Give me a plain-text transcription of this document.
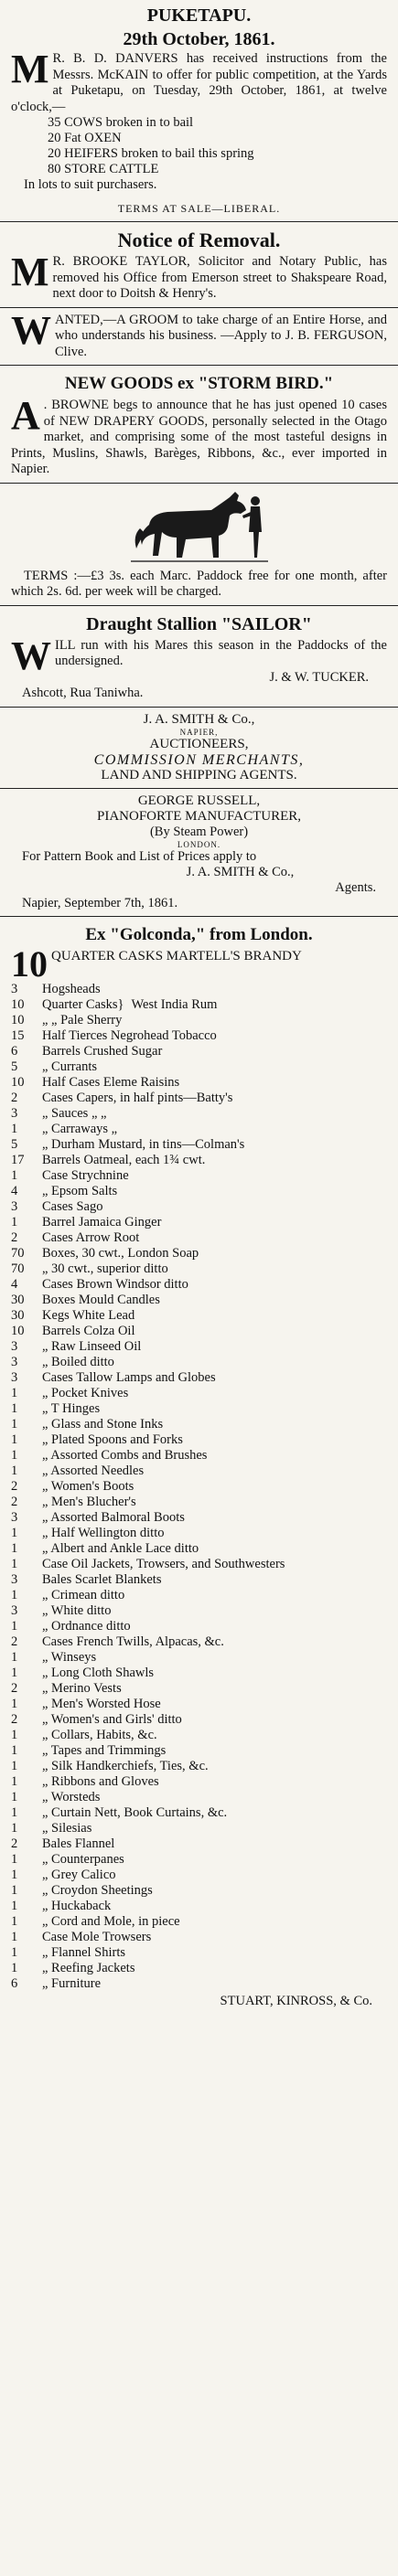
PUKETAPU.
29th October, 1861.
M R. B. D. DANVERS has received instructions from the Messrs. McKAIN to offer for public competition, at the Yards at Puketapu, on Tuesday, 29th October, 1861, at twelve o'clock,—
35 COWS broken in to bail
20 Fat OXEN
20 HEIFERS broken to bail this spring
80 STORE CATTLE
In lots to suit purchasers.
TERMS AT SALE—LIBERAL.
Notice of Removal.
M R. BROOKE TAYLOR, Solicitor and Notary Public, has removed his Office from Emerson street to Shakspeare Road, next door to Doitsh & Henry's.
W ANTED,—A GROOM to take charge of an Entire Horse, and who understands his business. —Apply to J. B. FERGUSON, Clive.
NEW GOODS ex "STORM BIRD."
A . BROWNE begs to announce that he has just opened 10 cases of NEW DRAPERY GOODS, personally selected in the Otago market, and comprising some of the most tasteful designs in Prints, Muslins, Shawls, Barèges, Ribbons, &c., ever imported in Napier.
TERMS :—£3 3s. each Marc. Paddock free for one month, after which 2s. 6d. per week will be charged.
Draught Stallion "SAILOR"
W ILL run with his Mares this season in the Paddocks of the undersigned.
J. & W. TUCKER.
Ashcott, Rua Taniwha.
J. A. SMITH & Co.,
NAPIER,
AUCTIONEERS,
COMMISSION MERCHANTS,
LAND AND SHIPPING AGENTS.
GEORGE RUSSELL,
PIANOFORTE MANUFACTURER,
(By Steam Power)
LONDON.
For Pattern Book and List of Prices apply to
J. A. SMITH & Co.,
Agents.
Napier, September 7th, 1861.
Ex "Golconda," from London.
10 QUARTER CASKS MARTELL'S BRANDY
3	Hogsheads
10	Quarter Casks } West India Rum
10	„ „ Pale Sherry
15	Half Tierces Negrohead Tobacco
6	Barrels Crushed Sugar
5	„ Currants
10	Half Cases Eleme Raisins
2	Cases Capers, in half pints—Batty's
3	„ Sauces „ „
1	„ Carraways „
5	„ Durham Mustard, in tins—Colman's
17	Barrels Oatmeal, each 1¾ cwt.
1	Case Strychnine
4	„ Epsom Salts
3	Cases Sago
1	Barrel Jamaica Ginger
2	Cases Arrow Root
70	Boxes, 30 cwt., London Soap
70	„ 30 cwt., superior ditto
4	Cases Brown Windsor ditto
30	Boxes Mould Candles
30	Kegs White Lead
10	Barrels Colza Oil
3	„ Raw Linseed Oil
3	„ Boiled ditto
3	Cases Tallow Lamps and Globes
1	„ Pocket Knives
1	„ T Hinges
1	„ Glass and Stone Inks
1	„ Plated Spoons and Forks
1	„ Assorted Combs and Brushes
1	„ Assorted Needles
2	„ Women's Boots
2	„ Men's Blucher's
3	„ Assorted Balmoral Boots
1	„ Half Wellington ditto
1	„ Albert and Ankle Lace ditto
1	Case Oil Jackets, Trowsers, and Southwesters
3	Bales Scarlet Blankets
1	„ Crimean ditto
3	„ White ditto
1	„ Ordnance ditto
2	Cases French Twills, Alpacas, &c.
1	„ Winseys
1	„ Long Cloth Shawls
2	„ Merino Vests
1	„ Men's Worsted Hose
2	„ Women's and Girls' ditto
1	„ Collars, Habits, &c.
1	„ Tapes and Trimmings
1	„ Silk Handkerchiefs, Ties, &c.
1	„ Ribbons and Gloves
1	„ Worsteds
1	„ Curtain Nett, Book Curtains, &c.
1	„ Silesias
2	Bales Flannel
1	„ Counterpanes
1	„ Grey Calico
1	„ Croydon Sheetings
1	„ Huckaback
1	„ Cord and Mole, in piece
1	Case Mole Trowsers
1	„ Flannel Shirts
1	„ Reefing Jackets
6	„ Furniture
STUART, KINROSS, & Co.
